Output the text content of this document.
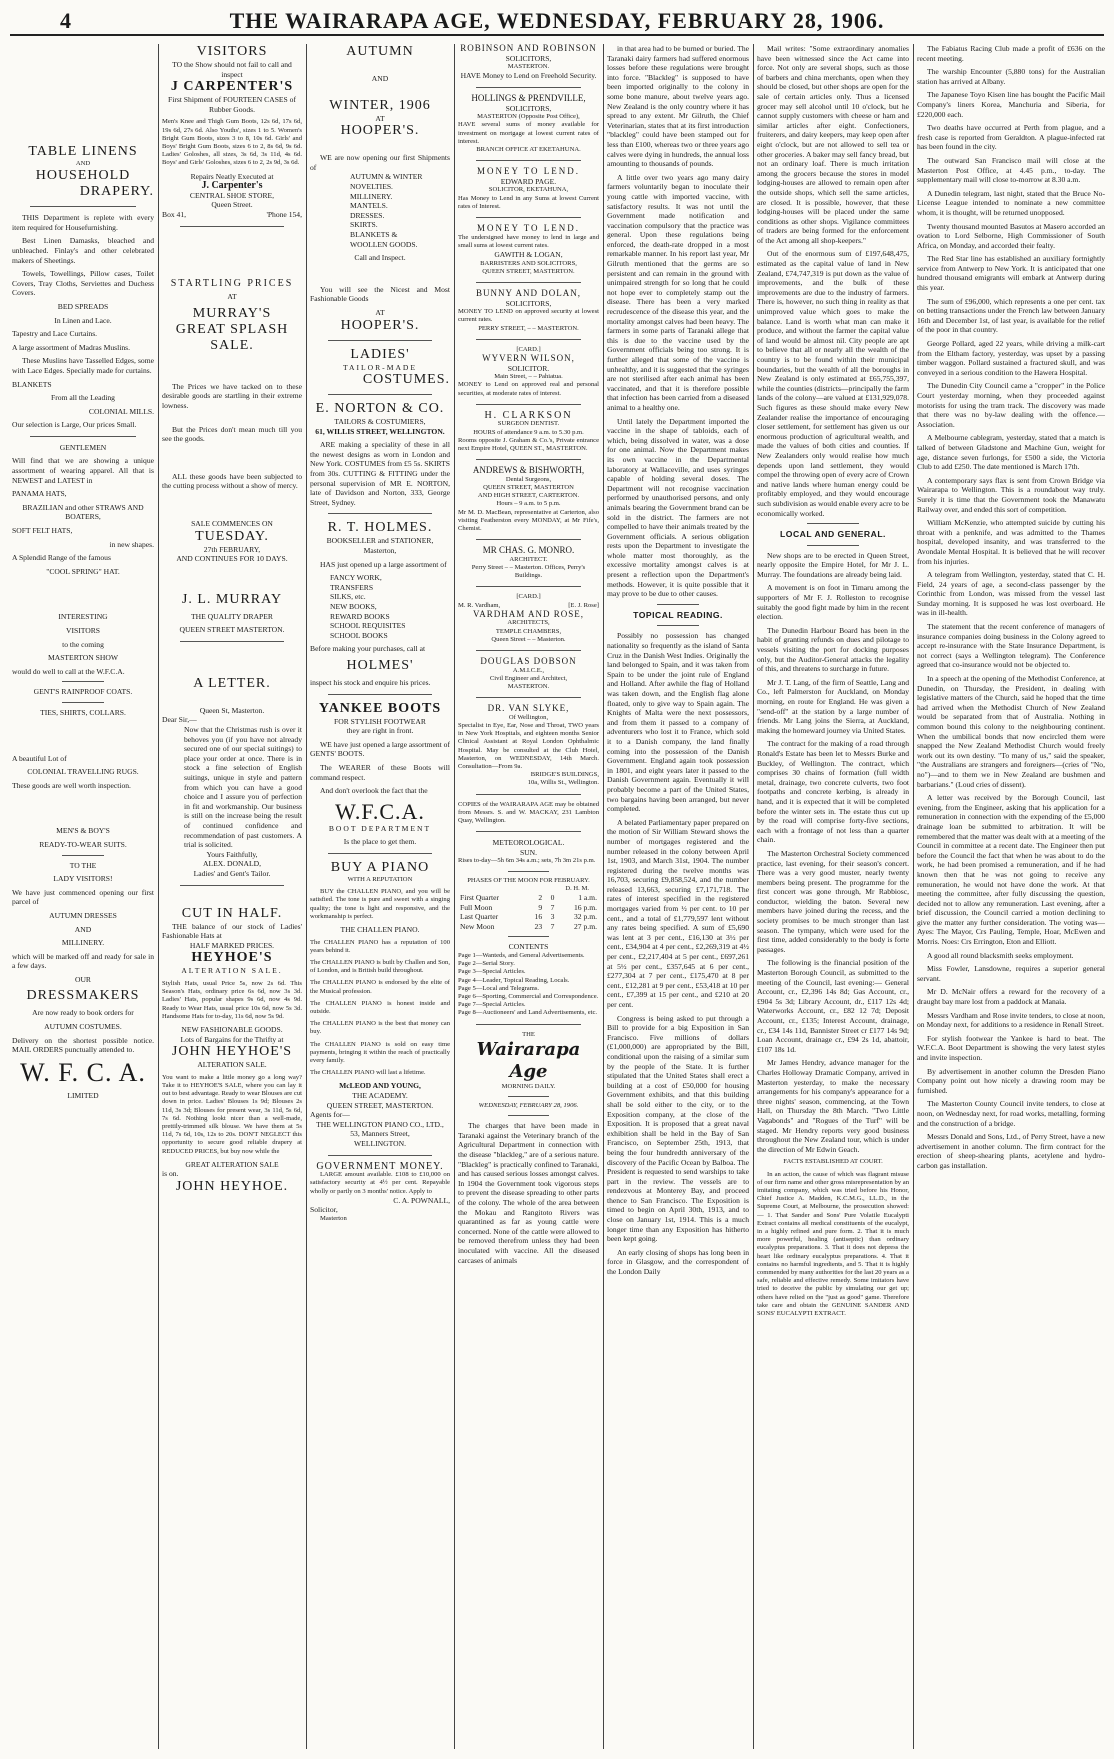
4	THE WAIRARAPA AGE, WEDNESDAY, FEBRUARY 28, 1906.
TABLE LINENS
AND
HOUSEHOLD
DRAPERY.
THIS Department is replete with every item required for Housefurnishing.
Best Linen Damasks, bleached and unbleached. Finlay's and other celebrated makers of Sheetings.
Towels, Towellings, Pillow cases, Toilet Covers, Tray Cloths, Serviettes and Duchess Covers.
BED SPREADS
In Linen and Lace.
Tapestry and Lace Curtains.
A large assortment of Madras Muslins.
These Muslins have Tasselled Edges, some with Lace Edges. Specially made for curtains.
BLANKETS
From all the Leading
COLONIAL MILLS.
Our selection is Large, Our prices Small.
GENTLEMEN
Will find that we are showing a unique assortment of wearing apparel. All that is NEWEST and LATEST in
PANAMA HATS,
BRAZILIAN and other STRAWS AND BOATERS,
SOFT FELT HATS,
in new shapes.
A Splendid Range of the famous
"COOL SPRING" HAT.
INTERESTING
VISITORS
to the coming
MASTERTON SHOW
would do well to call at the W.F.C.A.
GENT'S RAINPROOF COATS.
TIES, SHIRTS, COLLARS.
A beautiful Lot of
COLONIAL TRAVELLING RUGS.
These goods are well worth inspection.
MEN'S & BOY'S
READY-TO-WEAR SUITS.
TO THE
LADY VISITORS!
We have just commenced opening our first parcel of
AUTUMN DRESSES
AND
MILLINERY.
which will be marked off and ready for sale in a few days.
OUR
DRESSMAKERS
Are now ready to book orders for
AUTUMN COSTUMES.
Delivery on the shortest possible notice. MAIL ORDERS punctually attended to.
W. F. C. A.
LIMITED
VISITORS
TO the Show should not fail to call and inspect
J CARPENTER'S
First Shipment of FOURTEEN CASES of Rubber Goods.
Men's Knee and Thigh Gum Boots, 12s 6d, 17s 6d, 19s 6d, 27s 6d. Also Youths', sizes 1 to 5. Women's Bright Gum Boots, sizes 3 to 8, 10s 6d. Girls' and Boys' Bright Gum Boots, sizes 6 to 2, 8s 6d, 9s 6d. Ladies' Goloshes, all sizes, 3s 6d, 3s 11d, 4s 6d. Boys' and Girls' Goloshes, sizes 6 to 2, 2s 9d, 3s 6d.
Repairs Neatly Executed at
J. Carpenter's
CENTRAL SHOE STORE,
Queen Street.
Box 41,	'Phone 154,
STARTLING PRICES
AT
MURRAY'S
GREAT SPLASH
SALE.
The Prices we have tacked on to these desirable goods are startling in their extreme lowness.
But the Prices don't mean much till you see the goods.
ALL these goods have been subjected to the cutting process without a show of mercy.
SALE COMMENCES ON
TUESDAY.
27th FEBRUARY,
AND CONTINUES FOR 10 DAYS.
J. L. MURRAY
THE QUALITY DRAPER
QUEEN STREET MASTERTON.
A LETTER.
Queen St, Masterton.
Dear Sir,—
Now that the Christmas rush is over it behoves you (if you have not already secured one of our special suitings) to place your order at once. There is in stock a fine selection of English suitings, unique in style and pattern from which you can have a good choice and I assure you of perfection in fit and workmanship. Our business is still on the increase being the result of continued confidence and recommendation of past customers. A trial is solicited.
Yours Faithfully,
ALEX. DONALD,
Ladies' and Gent's Tailor.
CUT IN HALF.
THE balance of our stock of Ladies' Fashionable Hats at
HALF MARKED PRICES.
HEYHOE'S
ALTERATION SALE.
Stylish Hats, usual Price 5s, now 2s 6d. This Season's Hats, ordinary price 6s 6d, now 3s 3d. Ladies' Hats, popular shapes 9s 6d, now 4s 9d. Ready to Wear Hats, usual price 10s 6d, now 5s 3d. Handsome Hats for to-day, 11s 6d, now 5s 9d.
NEW FASHIONABLE GOODS.
Lots of Bargains for the Thrifty at
JOHN HEYHOE'S
ALTERATION SALE.
You want to make a little money go a long way? Take it to HEYHOE'S SALE, where you can lay it out to best advantage. Ready to wear Blouses are cut down in price. Ladies' Blouses 1s 9d; Blouses 2s 11d, 3s 3d; Blouses for present wear, 3s 11d, 5s 6d, 7s 6d. Nothing lookt nicer than a well-made, prettily-trimmed silk blouse. We have them at 5s 11d, 7s 6d, 10s, 12s to 20s. DON'T NEGLECT this opportunity to secure good reliable drapery at REDUCED PRICES, but buy now while the
GREAT ALTERATION SALE
is on.
JOHN HEYHOE.
AUTUMN
AND
WINTER, 1906
AT
HOOPER'S.
WE are now opening our first Shipments of
AUTUMN & WINTER
NOVELTIES.
MILLINERY.
MANTELS.
DRESSES.
SKIRTS.
BLANKETS &
WOOLLEN GOODS.
Call and Inspect.
You will see the Nicest and Most Fashionable Goods
AT
HOOPER'S.
LADIES'
TAILOR-MADE
COSTUMES.
E. NORTON & CO.
TAILORS & COSTUMIERS,
61, WILLIS STREET, WELLINGTON.
ARE making a speciality of these in all the newest designs as worn in London and New York. COSTUMES from £5 5s. SKIRTS from 30s. CUTTING & FITTING under the personal supervision of MR E. NORTON, late of Davidson and Norton, 333, George Street, Sydney.
R. T. HOLMES.
BOOKSELLER and STATIONER,
Masterton,
HAS just opened up a large assortment of
FANCY WORK,
TRANSFERS
SILKS, etc.
NEW BOOKS,
REWARD BOOKS
SCHOOL REQUISITES
SCHOOL BOOKS
Before making your purchases, call at
HOLMES'
inspect his stock and enquire his prices.
YANKEE BOOTS
FOR STYLISH FOOTWEAR
they are right in front.
WE have just opened a large assortment of GENTS' BOOTS.
The WEARER of these Boots will command respect.
And don't overlook the fact that the
W.F.C.A.
BOOT DEPARTMENT
Is the place to get them.
BUY A PIANO
WITH A REPUTATION
BUY the CHALLEN PIANO, and you will be satisfied. The tone is pure and sweet with a singing quality; the tone is light and responsive, and the workmanship is perfect.
THE CHALLEN PIANO.
The CHALLEN PIANO has a reputation of 100 years behind it.
The CHALLEN PIANO is built by Challen and Son, of London, and is British build throughout.
The CHALLEN PIANO is endorsed by the elite of the Musical profession.
The CHALLEN PIANO is honest inside and outside.
The CHALLEN PIANO is the best that money can buy.
The CHALLEN PIANO is sold on easy time payments, bringing it within the reach of practically every family.
The CHALLEN PIANO will last a lifetime.
McLEOD AND YOUNG,
THE ACADEMY.
QUEEN STREET, MASTERTON.
Agents for—
THE WELLINGTON PIANO CO., LTD.,
53, Manners Street,
WELLINGTON.
GOVERNMENT MONEY.
LARGE amount available. £108 to £10,000 on satisfactory security at 4½ per cent. Repayable wholly or partly on 3 months' notice. Apply to
C. A. POWNALL,
Solicitor,
Masterton
ROBINSON AND ROBINSON
SOLICITORS,
MASTERTON.
HAVE Money to Lend on Freehold Security.
HOLLINGS & PRENDVILLE,
SOLICITORS,
MASTERTON (Opposite Post Office),
HAVE several sums of money available for investment on mortgage at lowest current rates of interest.
BRANCH OFFICE AT EKETAHUNA.
MONEY TO LEND.
EDWARD PAGE.
SOLICITOR, EKETAHUNA,
Has Money to Lend in any Sums at lowest Current rates of Interest.
MONEY TO LEND.
The undersigned have money to lend in large and small sums at lowest current rates.
GAWITH & LOGAN,
BARRISTERS AND SOLICITORS,
QUEEN STREET, MASTERTON.
BUNNY AND DOLAN,
SOLICITORS,
MONEY TO LEND on approved security at lowest current rates.
PERRY STREET, – – MASTERTON.
[CARD.]
WYVERN WILSON,
SOLICITOR.
Main Street, – – Pahiatua.
MONEY to Lend on approved real and personal securities, at moderate rates of interest.
H. CLARKSON
SURGEON DENTIST.
HOURS of attendance 9 a.m. to 5.30 p.m.
Rooms opposite J. Graham & Co.'s, Private entrance next Empire Hotel, QUEEN ST., MASTERTON.
ANDREWS & BISHWORTH,
Dental Surgeons,
QUEEN STREET, MASTERTON
AND HIGH STREET, CARTERTON.
Hours – 9 a.m. to 5 p.m.
Mr M. D. MacBean, representative at Carterton, also visiting Featherston every MONDAY, at Mr Fife's, Chemist.
MR CHAS. G. MONRO.
ARCHITECT.
Perry Street – – Masterton. Offices, Perry's Buildings.
[CARD.]
M. R. Vardham,	[E. J. Rose]
VARDHAM AND ROSE,
ARCHITECTS,
TEMPLE CHAMBERS,
Queen Street – – Masterton.
DOUGLAS DOBSON
A.M.I.C.E.,
Civil Engineer and Architect,
MASTERTON.
DR. VAN SLYKE,
Of Wellington,
Specialist in Eye, Ear, Nose and Throat, TWO years in New York Hospitals, and eighteen months Senior Clinical Assistant at Royal London Ophthalmic Hospital. May be consulted at the Club Hotel, Masterton, on WEDNESDAY, 14th March. Consultation—From 9a.
BRIDGE'S BUILDINGS,
10a, Willis St., Wellington.
COPIES of the WAIRARAPA AGE may be obtained from Messrs. S. and W. MACKAY, 231 Lambton Quay, Wellington.
METEOROLOGICAL.
SUN.
Rises to-day—5h 6m 34s a.m.; sets, 7h 3m 21s p.m.
PHASES OF THE MOON FOR FEBRUARY.
D. H. M.
First Quarter	2	0	1 a.m.
Full Moon	9	7	16 p.m.
Last Quarter	16	3	32 p.m.
New Moon	23	7	27 p.m.
CONTENTS
Page 1—Wanteds, and General Advertisements.
Page 2—Serial Story.
Page 3—Special Articles.
Page 4—Leader, Topical Reading, Locals.
Page 5—Local and Telegrams.
Page 6—Sporting, Commercial and Correspondence.
Page 7—Special Articles.
Page 8—Auctioneers' and Land Advertisements, etc.
THE
Wairarapa Age
MORNING DAILY.
WEDNESDAY, FEBRUARY 28, 1906.
The charges that have been made in Taranaki against the Veterinary branch of the Agricultural Department in connection with the disease "blackleg," are of a serious nature. "Blackleg" is practically confined to Taranaki, and has caused serious losses amongst calves. In 1904 the Government took vigorous steps to prevent the disease spreading to other parts of the colony. The whole of the area between the Mokau and Rangitoto Rivers was quarantined as far as young cattle were concerned. None of the cattle were allowed to be removed therefrom unless they had been inoculated with vaccine. All the diseased carcases of animals
in that area had to be burned or buried. The Taranaki dairy farmers had suffered enormous losses before these regulations were brought into force. "Blackleg" is supposed to have been imported originally to the colony in some bone manure, about twelve years ago. New Zealand is the only country where it has spread to any extent. Mr Gilruth, the Chief Veterinarian, states that at its first introduction "blackleg" could have been stamped out for less than £100, whereas two or three years ago calves were dying in hundreds, the annual loss amounting to thousands of pounds.
A little over two years ago many dairy farmers voluntarily began to inoculate their young cattle with imported vaccine, with satisfactory results. It was not until the Government made notification and vaccination compulsory that the practice was general. Upon these regulations being enforced, the death-rate dropped in a most remarkable manner. In his report last year, Mr Gilruth mentioned that the germs are so persistent and can remain in the ground with unimpaired strength for so long that he could not hope ever to completely stamp out the disease. There has been a very marked recrudescence of the disease this year, and the mortality amongst calves had been heavy. The farmers in some parts of Taranaki allege that this is due to the vaccine used by the Government officials being too strong. It is further alleged that some of the vaccine is unhealthy, and it is suggested that the syringes are not sterilised after each animal has been vaccinated, and that it is therefore possible that infection has been carried from a diseased animal to a healthy one.
Until lately the Department imported the vaccine in the shape of tabloids, each of which, being dissolved in water, was a dose for one animal. Now the Department makes its own vaccine in the Departmental laboratory at Wallaceville, and uses syringes capable of holding several doses. The Department will not recognise vaccination performed by unauthorised persons, and only animals bearing the Government brand can be sold in the district. The farmers are not compelled to have their animals treated by the Government officials. A serious obligation rests upon the Department to investigate the whole matter most thoroughly, as the excessive mortality amongst calves is at present a reflection upon the Department's methods. However, it is quite possible that it may prove to be due to other causes.
TOPICAL READING.
Possibly no possession has changed nationality so frequently as the island of Santa Cruz in the Danish West Indies. Originally the land belonged to Spain, and it was taken from Spain to be under the joint rule of England and Holland. After awhile the flag of Holland was taken down, and the English flag alone floated, only to give way to Spain again. The Knights of Malta were the next possessors, and from them it passed to a company of adventurers who lost it to France, which sold it to a Danish company, the land finally coming into the possession of the Danish Government. England again took possession in 1801, and eight years later it passed to the Danish Government again. Eventually it will probably become a part of the United States, two bargains having been arranged, but never completed.
A belated Parliamentary paper prepared on the motion of Sir William Steward shows the number of mortgages registered and the number released in the colony between April 1st, 1903, and March 31st, 1904. The number registered during the twelve months was 16,703, securing £9,858,524, and the number released 13,663, securing £7,171,718. The rates of interest specified in the registered mortgages varied from ½ per cent. to 10 per cent., and a total of £1,779,597 lent without any rates being specified. A sum of £5,690 was lent at 3 per cent., £16,130 at 3½ per cent., £34,904 at 4 per cent., £2,269,319 at 4½ per cent., £2,217,404 at 5 per cent., £697,261 at 5½ per cent., £357,645 at 6 per cent., £277,304 at 7 per cent., £175,470 at 8 per cent., £12,281 at 9 per cent., £53,418 at 10 per cent., £7,399 at 15 per cent., and £210 at 20 per cent.
Congress is being asked to put through a Bill to provide for a big Exposition in San Francisco. Five millions of dollars (£1,000,000) are appropriated by the Bill, conditional upon the raising of a similar sum by the people of the State. It is further stipulated that the United States shall erect a building at a cost of £50,000 for housing Government exhibits, and that this building shall be sold either to the city, or to the Exposition company, at the close of the Exposition. It is proposed that a great naval exhibition shall be held in the Bay of San Francisco, on September 25th, 1913, that being the four hundredth anniversary of the discovery of the Pacific Ocean by Balboa. The President is requested to send warships to take part in the review. The vessels are to rendezvous at Monterey Bay, and proceed thence to San Francisco. The Exposition is timed to begin on April 30th, 1913, and to close on January 1st, 1914. This is a much longer time than any Exposition has hitherto been kept going.
An early closing of shops has long been in force in Glasgow, and the correspondent of the London Daily
Mail writes: "Some extraordinary anomalies have been witnessed since the Act came into force. Not only are several shops, such as those of barbers and china merchants, open when they should be closed, but other shops are open for the sale of certain articles only. Thus a licensed grocer may sell alcohol until 10 o'clock, but he cannot supply customers with cheese or ham and similar articles after eight. Confectioners, fruiterers, and dairy keepers, may keep open after eight o'clock, but are not allowed to sell tea or other groceries. A baker may sell fancy bread, but not an ordinary loaf. There is much irritation among the grocers because the stores in model lodging-houses are allowed to remain open after the outside shops, which sell the same articles, are closed. It is possible, however, that these lodging-houses will be placed under the same conditions as other shops. Vigilance committees of traders are being formed for the enforcement of the Act among all shop-keepers."
Out of the enormous sum of £197,648,475, estimated as the capital value of land in New Zealand, £74,747,319 is put down as the value of improvements, and the bulk of these improvements are due to the industry of farmers. There is, however, no such thing in reality as that unimproved value which goes to make the balance. Land is worth what man can make it produce, and without the farmer the capital value of land would be almost nil. City people are apt to believe that all or nearly all the wealth of the country is to be found within their municipal boundaries, but the wealth of all the boroughs in New Zealand is only estimated at £65,755,397, while the counties (districts—principally the farm lands of the colony—are valued at £131,929,078. Such figures as these should make every New Zealander realise the importance of encouraging closer settlement, for settlement has given us our enormous production of agricultural wealth, and made the values of both cities and counties. If New Zealanders only would realise how much depends upon land settlement, they would compel the throwing open of every acre of Crown and native lands where human energy could be profitably employed, and they would encourage such subdivision as would enable every acre to be economically worked.
LOCAL AND GENERAL.
New shops are to be erected in Queen Street, nearly opposite the Empire Hotel, for Mr J. L. Murray. The foundations are already being laid.
A movement is on foot in Timaru among the supporters of Mr F. J. Rolleston to recognise suitably the good fight made by him in the recent election.
The Dunedin Harbour Board has been in the habit of granting refunds on dues and pilotage to vessels visiting the port for docking purposes only, but the Auditor-General attacks the legality of this, and threatens to surcharge in future.
Mr J. T. Lang, of the firm of Seattle, Lang and Co., left Palmerston for Auckland, on Monday morning, en route for England. He was given a "send-off" at the station by a large number of friends. Mr Lang joins the Sierra, at Auckland, making the homeward journey via United States.
The contract for the making of a road through Ronald's Estate has been let to Messrs Burke and Buckley, of Wellington. The contract, which comprises 30 chains of formation (full width metal, drainage, two concrete culverts, two foot footpaths and concrete kerbing, is already in hand, and it is expected that it will be completed before the winter sets in. The estate thus cut up by the road will comprise forty-five sections, each with a frontage of not less than a quarter chain.
The Masterton Orchestral Society commenced practice, last evening, for their season's concert. There was a very good muster, nearly twenty members being present. The programme for the first concert was gone through, Mr Rabbiosc, conductor, wielding the baton. Several new members have joined during the recess, and the society promises to be much stronger than last season. The tympany, which were used for the first time, added considerably to the body is forte passages.
The following is the financial position of the Masterton Borough Council, as submitted to the meeting of the Council, last evening:— General Account, cr., £2,396 14s 8d; Gas Account, cr., £904 5s 3d; Library Account, dr., £117 12s 4d; Waterworks Account, cr., £82 12 7d; Deposit Account, cr., £135; Interest Account, drainage, cr., £34 14s 11d, Bannister Street cr £177 14s 9d; Loan Account, drainage cr., £94 2s 1d, abattoir, £107 18s 1d.
Mr James Hendry, advance manager for the Charles Holloway Dramatic Company, arrived in Masterton yesterday, to make the necessary arrangements for his company's appearance for a three nights' season, commencing, at the Town Hall, on Thursday the 8th March. "Two Little Vagabonds" and "Rogues of the Turf" will be staged. Mr Hendry reports very good business throughout the New Zealand tour, which is under the direction of Mr Edwin Geach.
FACTS ESTABLISHED AT COURT.
In an action, the cause of which was flagrant misuse of our firm name and other gross misrepresentation by an imitating company, which was tried before his Honor, Chief Justice A. Madden, K.C.M.G., LL.D., in the Supreme Court, at Melbourne, the prosecution showed:— 1. That Sander and Sons' Pure Volatile Eucalypti Extract contains all medical constituents of the eucalypt, in a highly refined and pure form. 2. That it is much more powerful, healing (antiseptic) than ordinary eucalyptus preparations. 3. That it does not depress the heart like ordinary eucalyptus preparations. 4. That it contains no harmful ingredients, and 5. That it is highly commended by many authorities for the last 20 years as a safe, reliable and effective remedy. Some imitators have tried to deceive the public by simulating our get up; others have relied on the "just as good" game. Therefore take care and obtain the GENUINE SANDER AND SONS' EUCALYPTI EXTRACT.
The Fabiatus Racing Club made a profit of £636 on the recent meeting.
The warship Encounter (5,880 tons) for the Australian station has arrived at Albany.
The Japanese Toyo Kisen line has bought the Pacific Mail Company's liners Korea, Manchuria and Siberia, for £220,000 each.
Two deaths have occurred at Perth from plague, and a fresh case is reported from Geraldton. A plague-infected rat has been found in the city.
The outward San Francisco mail will close at the Masterton Post Office, at 4.45 p.m., to-day. The supplementary mail will close to-morrow at 8.30 a.m.
A Dunedin telegram, last night, stated that the Bruce No-License League intended to nominate a new committee whom, it is thought, will be returned unopposed.
Twenty thousand mounted Basutos at Masero accorded an ovation to Lord Selborne, High Commissioner of South Africa, on Monday, and accorded their fealty.
The Red Star line has established an auxiliary fortnightly service from Antwerp to New York. It is anticipated that one hundred thousand emigrants will embark at Antwerp during this year.
The sum of £96,000, which represents a one per cent. tax on betting transactions under the French law between January 16th and December 1st, of last year, is available for the relief of the poor in that country.
George Pollard, aged 22 years, while driving a milk-cart from the Eltham factory, yesterday, was upset by a passing timber waggon. Pollard sustained a fractured skull, and was conveyed in a serious condition to the Hawera Hospital.
The Dunedin City Council came a "cropper" in the Police Court yesterday morning, when they proceeded against motorists for using the tram track. The discovery was made that there was no by-law dealing with the offence.—Association.
A Melbourne cablegram, yesterday, stated that a match is talked of between Gladstone and Machine Gun, weight for age, distance seven furlongs, for £500 a side, the Victoria Club to add £250. The date mentioned is March 17th.
A contemporary says flax is sent from Crown Bridge via Wairarapa to Wellington. This is a roundabout way truly. Surely it is time that the Government took the Manawatu Railway over, and ended this sort of competition.
William McKenzie, who attempted suicide by cutting his throat with a penknife, and was admitted to the Thames hospital, developed insanity, and was transferred to the Avondale Mental Hospital. It is believed that he will recover from his injuries.
A telegram from Wellington, yesterday, stated that C. H. Field, 24 years of age, a second-class passenger by the Corinthic from London, was missed from the vessel last Sunday morning. It is supposed he was lost overboard. He was in ill-health.
The statement that the recent conference of managers of insurance companies doing business in the Colony agreed to accept re-insurance with the State Insurance Department, is not correct (says a Wellington telegram). The Conference agreed that co-insurance would not be objected to.
In a speech at the opening of the Methodist Conference, at Dunedin, on Thursday, the President, in dealing with legislative matters of the Church, said he hoped that the time had arrived when the Methodist Church of New Zealand would be separated from that of Australia. Nothing in common bound this colony to the neighbouring continent. When the umbilical bonds that now encircled them were snapped the New Zealand Methodist Church would freely work out its own destiny. "To many of us," said the speaker, "the Australians are strangers and foreigners—(cries of "No, no")—and to them we in New Zealand are bushmen and barbarians." (Loud cries of dissent).
A letter was received by the Borough Council, last evening, from the Engineer, asking that his application for a remuneration in connection with the expending of the £5,000 drainage loan be submitted to arbitration. It will be remembered that the matter was dealt with at a meeting of the Council in committee at a recent date. The Engineer then put before the Council the fact that when he was about to do the work, he had been promised a remuneration, and if he had known then that he was not going to receive any remuneration, he would not have done the work. At that meeting the committee, after fully discussing the question, decided not to allow any remuneration. Last evening, after a brief discussion, the Council carried a motion declining to give the matter any further consideration. The voting was—Ayes: The Mayor, Crs Pauling, Temple, Hoar, McEwen and Morris. Noes: Crs Errington, Eton and Elliott.
A good all round blacksmith seeks employment.
Miss Fowler, Lansdowne, requires a superior general servant.
Mr D. McNair offers a reward for the recovery of a draught bay mare lost from a paddock at Manaia.
Messrs Vardham and Rose invite tenders, to close at noon, on Monday next, for additions to a residence in Renall Street.
For stylish footwear the Yankee is hard to beat. The W.F.C.A. Boot Department is showing the very latest styles and invite inspection.
By advertisement in another column the Dresden Piano Company point out how nicely a drawing room may be furnished.
The Masterton County Council invite tenders, to close at noon, on Wednesday next, for road works, metalling, forming and the construction of a bridge.
Messrs Donald and Sons, Ltd., of Perry Street, have a new advertisement in another column. The firm contract for the erection of sheep-shearing plants, acetylene and hydro-carbon gas installation.
